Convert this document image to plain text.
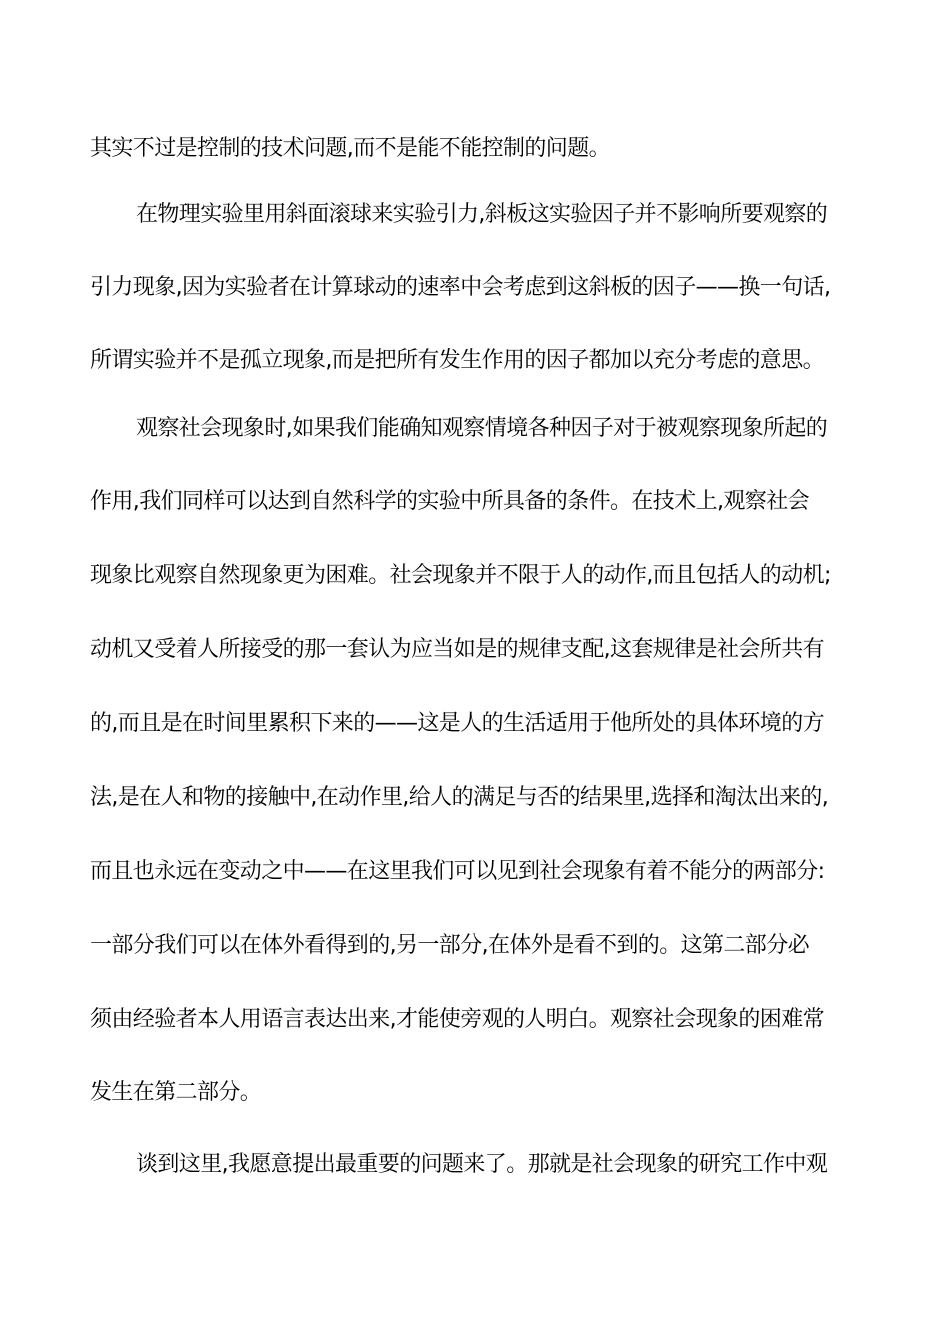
其实不过是控制的技术问题,而不是能不能控制的问题。
在物理实验里用斜面滚球来实验引力,斜板这实验因子并不影响所要观察的
引力现象,因为实验者在计算球动的速率中会考虑到这斜板的因子——换一句话,
所谓实验并不是孤立现象,而是把所有发生作用的因子都加以充分考虑的意思。
观察社会现象时,如果我们能确知观察情境各种因子对于被观察现象所起的
作用,我们同样可以达到自然科学的实验中所具备的条件。在技术上,观察社会
现象比观察自然现象更为困难。社会现象并不限于人的动作,而且包括人的动机;
动机又受着人所接受的那一套认为应当如是的规律支配,这套规律是社会所共有
的,而且是在时间里累积下来的——这是人的生活适用于他所处的具体环境的方
法,是在人和物的接触中,在动作里,给人的满足与否的结果里,选择和淘汰出来的,
而且也永远在变动之中——在这里我们可以见到社会现象有着不能分的两部分:
一部分我们可以在体外看得到的,另一部分,在体外是看不到的。这第二部分必
须由经验者本人用语言表达出来,才能使旁观的人明白。观察社会现象的困难常
发生在第二部分。
谈到这里,我愿意提出最重要的问题来了。那就是社会现象的研究工作中观
